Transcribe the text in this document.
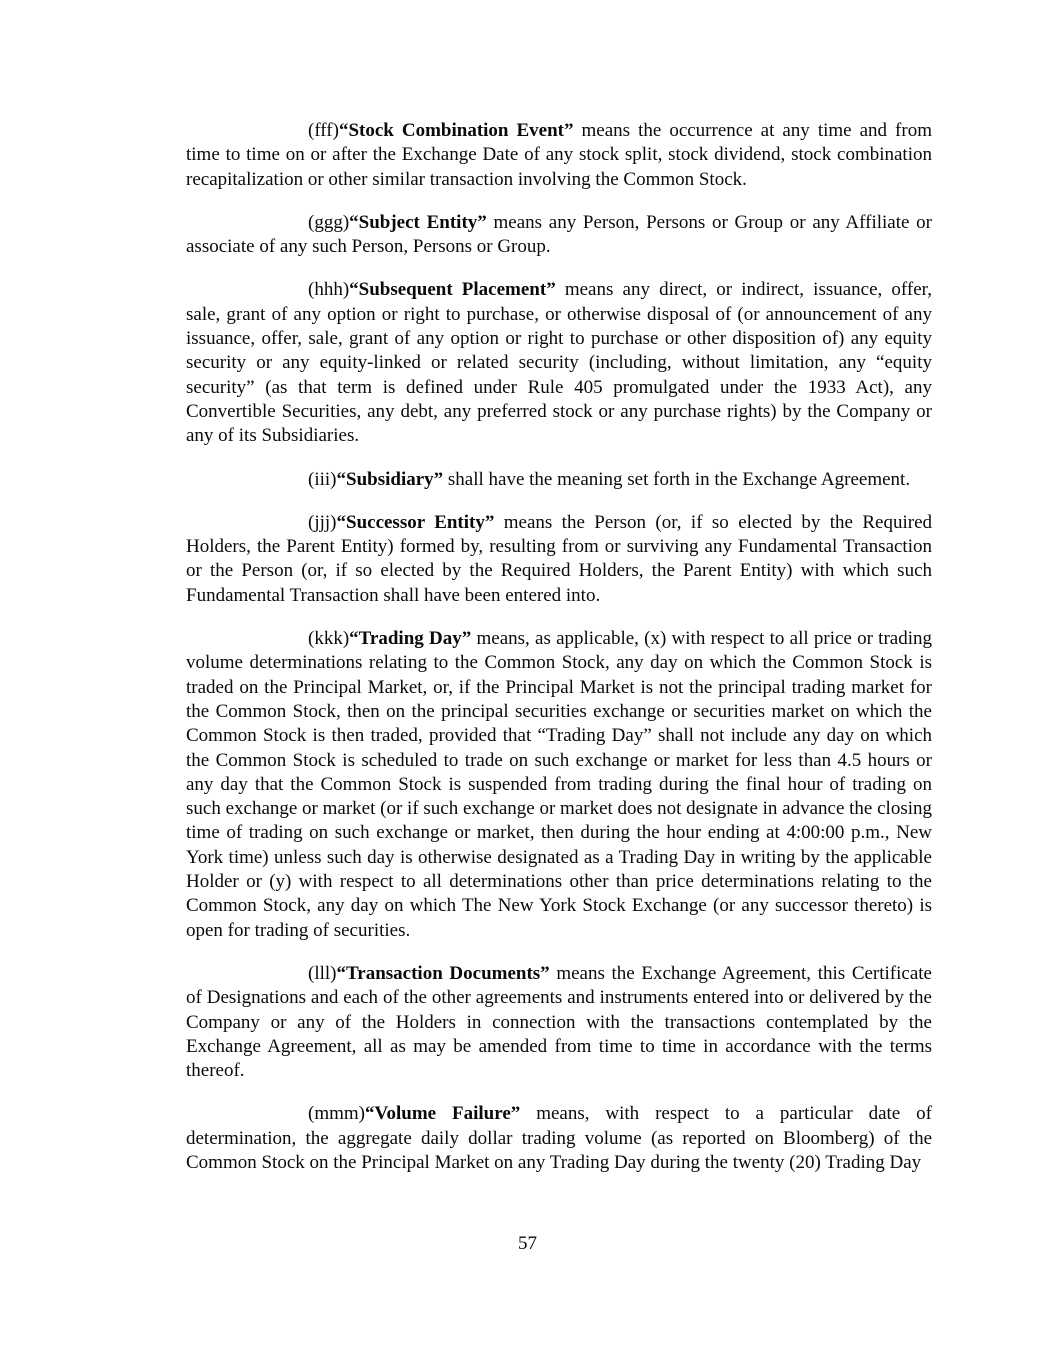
(fff)“Stock Combination Event” means the occurrence at any time and from time to time on or after the Exchange Date of any stock split, stock dividend, stock combination recapitalization or other similar transaction involving the Common Stock.

(ggg)“Subject Entity” means any Person, Persons or Group or any Affiliate or associate of any such Person, Persons or Group.

(hhh)“Subsequent Placement” means any direct, or indirect, issuance, offer, sale, grant of any option or right to purchase, or otherwise disposal of (or announcement of any issuance, offer, sale, grant of any option or right to purchase or other disposition of) any equity security or any equity-linked or related security (including, without limitation, any “equity security” (as that term is defined under Rule 405 promulgated under the 1933 Act), any Convertible Securities, any debt, any preferred stock or any purchase rights) by the Company or any of its Subsidiaries.

(iii)“Subsidiary” shall have the meaning set forth in the Exchange Agreement.

(jjj)“Successor Entity” means the Person (or, if so elected by the Required Holders, the Parent Entity) formed by, resulting from or surviving any Fundamental Transaction or the Person (or, if so elected by the Required Holders, the Parent Entity) with which such Fundamental Transaction shall have been entered into.

(kkk)“Trading Day” means, as applicable, (x) with respect to all price or trading volume determinations relating to the Common Stock, any day on which the Common Stock is traded on the Principal Market, or, if the Principal Market is not the principal trading market for the Common Stock, then on the principal securities exchange or securities market on which the Common Stock is then traded, provided that “Trading Day” shall not include any day on which the Common Stock is scheduled to trade on such exchange or market for less than 4.5 hours or any day that the Common Stock is suspended from trading during the final hour of trading on such exchange or market (or if such exchange or market does not designate in advance the closing time of trading on such exchange or market, then during the hour ending at 4:00:00 p.m., New York time) unless such day is otherwise designated as a Trading Day in writing by the applicable Holder or (y) with respect to all determinations other than price determinations relating to the Common Stock, any day on which The New York Stock Exchange (or any successor thereto) is open for trading of securities.

(lll)“Transaction Documents” means the Exchange Agreement, this Certificate of Designations and each of the other agreements and instruments entered into or delivered by the Company or any of the Holders in connection with the transactions contemplated by the Exchange Agreement, all as may be amended from time to time in accordance with the terms thereof.

(mmm)“Volume Failure” means, with respect to a particular date of determination, the aggregate daily dollar trading volume (as reported on Bloomberg) of the Common Stock on the Principal Market on any Trading Day during the twenty (20) Trading Day

57
